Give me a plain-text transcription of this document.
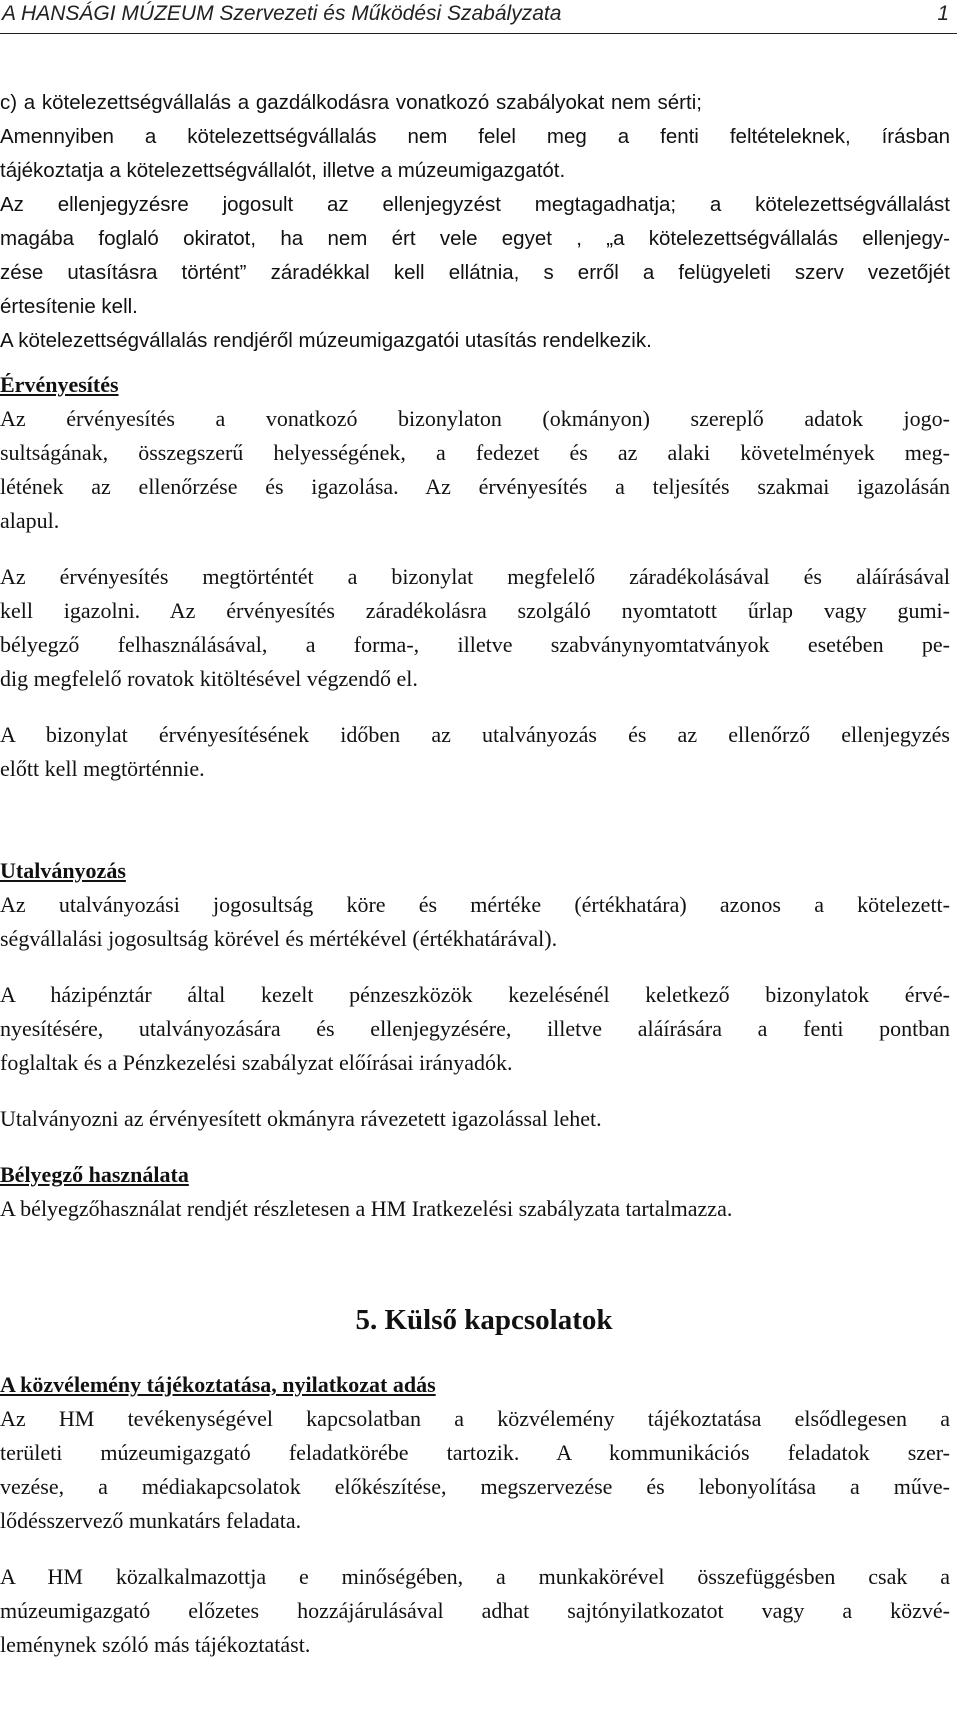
A HANSÁGI MÚZEUM Szervezeti és Működési Szabályzata	1
c) a kötelezettségvállalás a gazdálkodásra vonatkozó szabályokat nem sérti;
Amennyiben a kötelezettségvállalás nem felel meg a fenti feltételeknek, írásban
tájékoztatja a kötelezettségvállalót, illetve a múzeumigazgatót.
Az ellenjegyzésre jogosult az ellenjegyzést megtagadhatja; a kötelezettségvállalást
magába foglaló okiratot, ha nem ért vele egyet , „a kötelezettségvállalás ellenjegy-
zése utasításra történt” záradékkal kell ellátnia, s erről a felügyeleti szerv vezetőjét
értesítenie kell.
A kötelezettségvállalás rendjéről múzeumigazgatói utasítás rendelkezik.
Érvényesítés
Az érvényesítés a vonatkozó bizonylaton (okmányon) szereplő adatok jogo-
sultságának, összegszerű helyességének, a fedezet és az alaki követelmények meg-
létének az ellenőrzése és igazolása. Az érvényesítés a teljesítés szakmai igazolásán
alapul.
Az érvényesítés megtörténtét a bizonylat megfelelő záradékolásával és aláírásával
kell igazolni. Az érvényesítés záradékolásra szolgáló nyomtatott űrlap vagy gumi-
bélyegző felhasználásával, a forma-, illetve szabványnyomtatványok esetében pe-
dig megfelelő rovatok kitöltésével végzendő el.
A bizonylat érvényesítésének időben az utalványozás és az ellenőrző ellenjegyzés
előtt kell megtörténnie.
Utalványozás
Az utalványozási jogosultság köre és mértéke (értékhatára) azonos a kötelezett-
ségvállalási jogosultság körével és mértékével (értékhatárával).
A házipénztár által kezelt pénzeszközök kezelésénél keletkező bizonylatok érvé-
nyesítésére, utalványozására és ellenjegyzésére, illetve aláírására a fenti pontban
foglaltak és a Pénzkezelési szabályzat előírásai irányadók.
Utalványozni az érvényesített okmányra rávezetett igazolással lehet.
Bélyegző használata
A bélyegzőhasználat rendjét részletesen a HM Iratkezelési szabályzata tartalmazza.
5. Külső kapcsolatok
A közvélemény tájékoztatása, nyilatkozat adás
Az HM tevékenységével kapcsolatban a közvélemény tájékoztatása elsődlegesen a
területi múzeumigazgató feladatkörébe tartozik. A kommunikációs feladatok szer-
vezése, a médiakapcsolatok előkészítése, megszervezése és lebonyolítása a műve-
lődésszervező munkatárs feladata.
A HM közalkalmazottja e minőségében, a munkakörével összefüggésben csak a
múzeumigazgató előzetes hozzájárulásával adhat sajtónyilatkozatot vagy a közvé-
leménynek szóló más tájékoztatást.
